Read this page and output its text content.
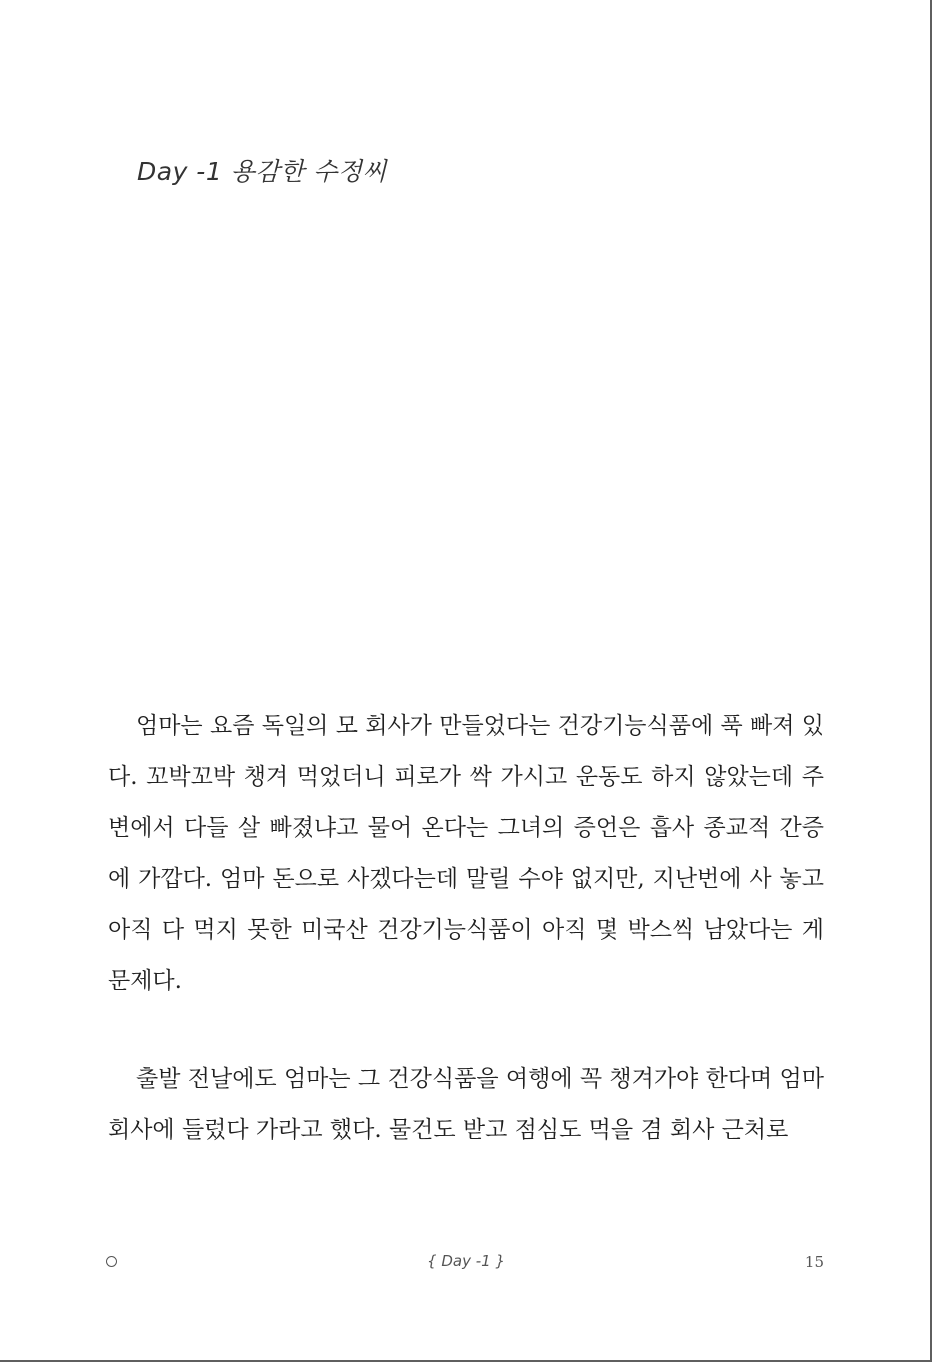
Day -1 용감한 수정씨

엄마는 요즘 독일의 모 회사가 만들었다는 건강기능식품에 푹 빠져 있다. 꼬박꼬박 챙겨 먹었더니 피로가 싹 가시고 운동도 하지 않았는데 주변에서 다들 살 빠졌냐고 물어 온다는 그녀의 증언은 흡사 종교적 간증에 가깝다. 엄마 돈으로 사겠다는데 말릴 수야 없지만, 지난번에 사 놓고 아직 다 먹지 못한 미국산 건강기능식품이 아직 몇 박스씩 남았다는 게 문제다.

출발 전날에도 엄마는 그 건강식품을 여행에 꼭 챙겨가야 한다며 엄마 회사에 들렀다 가라고 했다. 물건도 받고 점심도 먹을 겸 회사 근처로

{ Day -1 }	15
